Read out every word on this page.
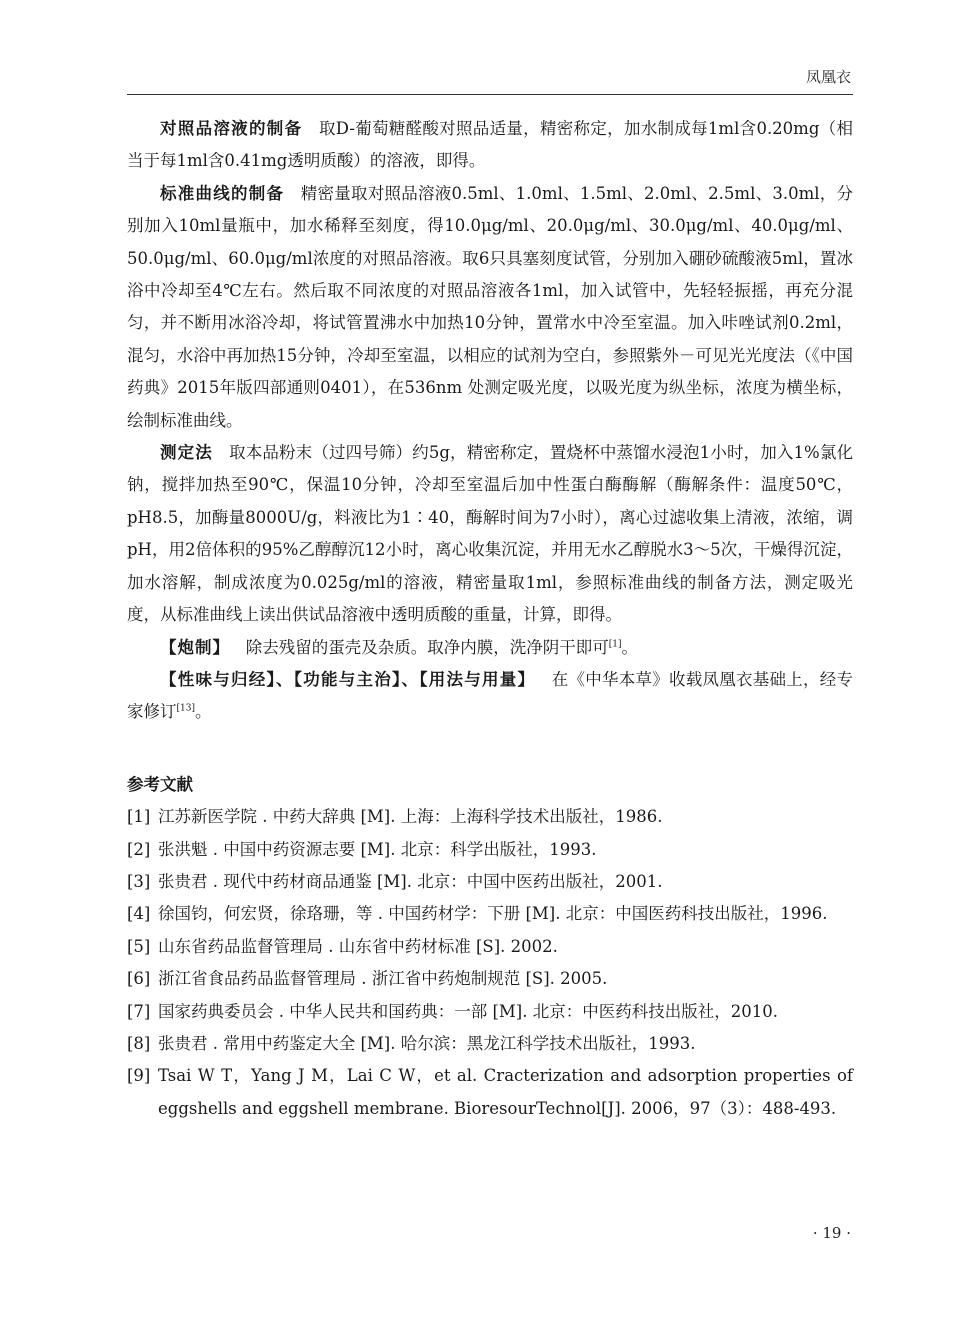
凤凰衣

对照品溶液的制备 取D-葡萄糖醛酸对照品适量，精密称定，加水制成每1ml含0.20mg（相当于每1ml含0.41mg透明质酸）的溶液，即得。

标准曲线的制备 精密量取对照品溶液0.5ml、1.0ml、1.5ml、2.0ml、2.5ml、3.0ml，分别加入10ml量瓶中，加水稀释至刻度，得10.0μg/ml、20.0μg/ml、30.0μg/ml、40.0μg/ml、50.0μg/ml、60.0μg/ml浓度的对照品溶液。取6只具塞刻度试管，分别加入硼砂硫酸液5ml，置冰浴中冷却至4℃左右。然后取不同浓度的对照品溶液各1ml，加入试管中，先轻轻振摇，再充分混匀，并不断用冰浴冷却，将试管置沸水中加热10分钟，置常水中冷至室温。加入咔唑试剂0.2ml，混匀，水浴中再加热15分钟，冷却至室温，以相应的试剂为空白，参照紫外－可见光光度法（《中国药典》2015年版四部通则0401），在536nm 处测定吸光度，以吸光度为纵坐标，浓度为横坐标，绘制标准曲线。

测定法 取本品粉末（过四号筛）约5g，精密称定，置烧杯中蒸馏水浸泡1小时，加入1%氯化钠，搅拌加热至90℃，保温10分钟，冷却至室温后加中性蛋白酶酶解（酶解条件：温度50℃，pH8.5，加酶量8000U/g，料液比为1∶40，酶解时间为7小时），离心过滤收集上清液，浓缩，调pH，用2倍体积的95%乙醇醇沉12小时，离心收集沉淀，并用无水乙醇脱水3～5次，干燥得沉淀，加水溶解，制成浓度为0.025g/ml的溶液，精密量取1ml，参照标准曲线的制备方法，测定吸光度，从标准曲线上读出供试品溶液中透明质酸的重量，计算，即得。

【炮制】 除去残留的蛋壳及杂质。取净内膜，洗净阴干即可[1]。

【性味与归经】、【功能与主治】、【用法与用量】 在《中华本草》收载凤凰衣基础上，经专家修订[13]。

参考文献

[1] 江苏新医学院 . 中药大辞典 [M]. 上海：上海科学技术出版社，1986.

[2] 张洪魁 . 中国中药资源志要 [M]. 北京：科学出版社，1993.

[3] 张贵君 . 现代中药材商品通鉴 [M]. 北京：中国中医药出版社，2001.

[4] 徐国钧，何宏贤，徐珞珊，等 . 中国药材学：下册 [M]. 北京：中国医药科技出版社，1996.

[5] 山东省药品监督管理局 . 山东省中药材标准 [S]. 2002.

[6] 浙江省食品药品监督管理局 . 浙江省中药炮制规范 [S]. 2005.

[7] 国家药典委员会 . 中华人民共和国药典：一部 [M]. 北京：中医药科技出版社，2010.

[8] 张贵君 . 常用中药鉴定大全 [M]. 哈尔滨：黑龙江科学技术出版社，1993.

[9] Tsai W T，Yang J M，Lai C W，et al. Cracterization and adsorption properties of eggshells and eggshell membrane. BioresourTechnol[J]. 2006，97（3）：488-493.

· 19 ·
